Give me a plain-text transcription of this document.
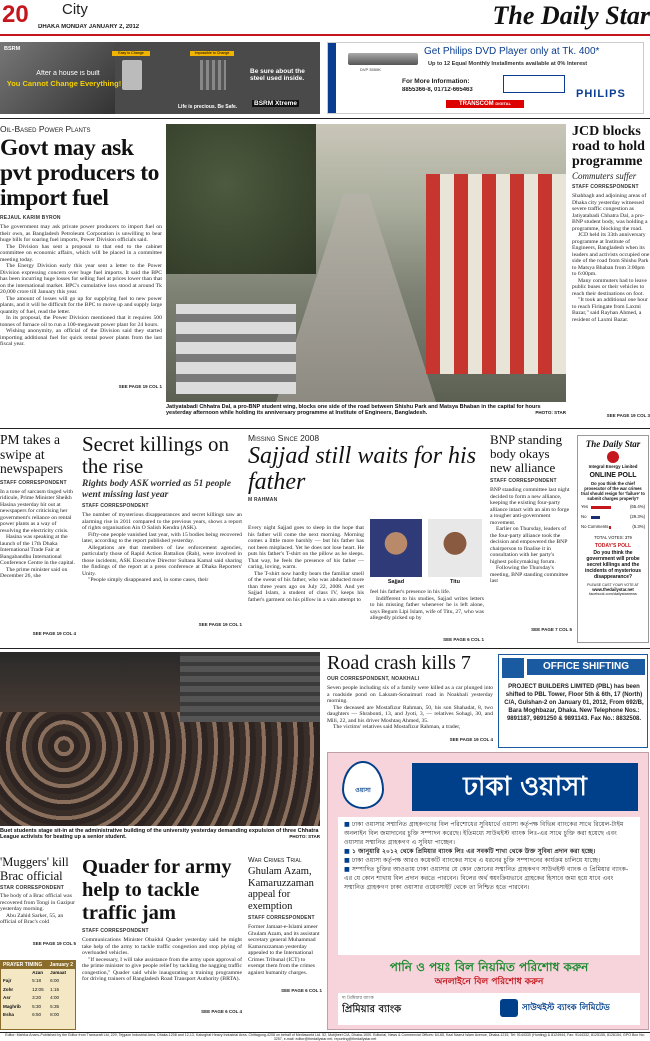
20 City
DHAKA MONDAY JANUARY 2, 2012	The Daily Star
BSRM
Easy to Change	Impossible to Change
After a house is built
You Cannot Change Everything!
Be sure about the steel used inside.
Life is precious. Be Safe.	BSRM Xtreme
Get Philips DVD Player only at Tk. 400*
Up to 12 Equal Monthly Installments available at 0% Interest
DVP 3550K
For More Information:
8855366-8, 01712-665463	PHILIPS
TRANSCOM DIGITAL
Oil-Based Power Plants
Govt may ask pvt producers to import fuel
REJAUL KARIM BYRON

The government may ask private power producers to import fuel on their own, as Bangladesh Petroleum Corporation is unwilling to bear huge bills for soaring fuel imports, Power Division officials said.

The Division has sent a proposal to that end to the cabinet committee on economic affairs, which will be placed in a committee meeting today.

The Energy Division early this year sent a letter to the Power Division expressing concern over huge fuel imports. It said the BPC has been incurring huge losses for selling fuel at prices lower than that on the international market. BPC's cumulative loss stood at around Tk 20,000 crore till January this year.

The amount of losses will go up for supplying fuel to new power plants, and it will be difficult for the BPC to move up and supply large quantity of fuel, read the letter.

In its proposal, the Power Division mentioned that it requires 500 tonnes of furnace oil to run a 100-megawatt power plant for 24 hours.

Wishing anonymity, an official of the Division said they started importing additional fuel for quick rental power plants from the last fiscal year.

SEE PAGE 19 COL 1
Jatiyatabadi Chhatra Dal, a pro-BNP student wing, blocks one side of the road between Shishu Park and Matsya Bhaban in the capital for hours yesterday afternoon while holding its anniversary programme at Institute of Engineers, Bangladesh.	PHOTO: STAR
JCD blocks road to hold programme
Commuters suffer
STAFF CORRESPONDENT

Shahbagh and adjoining areas of Dhaka city yesterday witnessed severe traffic congestion as Jatiyatabadi Chhatra Dal, a pro-BNP student body, was holding a programme, blocking the road.

JCD held its 33th anniversary programme at Institute of Engineers, Bangladesh when its leaders and activists occupied one side of the road from Shishu Park to Matsya Bhaban from 3:00pm to 6:00pm.

Many commuters had to leave public buses or their vehicles to reach their destinations on foot.

"It took an additional one hour to reach Firingate from Laxmi Bazar," said Rayhan Ahmed, a resident of Laxmi Bazar.

SEE PAGE 19 COL 3
PM takes a swipe at newspapers
STAFF CORRESPONDENT

In a tone of sarcasm tinged with ridicule, Prime Minister Sheikh Hasina yesterday hit out at newspapers for criticising her government's reliance on rental power plants as a way of resolving the electricity crisis.

Hasina was speaking at the launch of the 17th Dhaka International Trade Fair at Bangabandhu International Conference Centre in the capital.

The prime minister said on December 26, she

SEE PAGE 19 COL 4
Secret killings on the rise
Rights body ASK worried as 51 people went missing last year
STAFF CORRESPONDENT

The number of mysterious disappearances and secret killings saw an alarming rise in 2011 compared to the previous years, shows a report of rights organisation Ain O Salish Kendra (ASK).

Fifty-one people vanished last year, with 15 bodies being recovered later, according to the report published yesterday.

Allegations are that members of law enforcement agencies, particularly those of Rapid Action Battalion (Rab), were involved in those incidents, ASK Executive Director Sultana Kamal said sharing the findings of the report at a press conference at Dhaka Reporters' Unity.

"People simply disappeared and, in some cases, their

SEE PAGE 19 COL 1
Missing Since 2008
Sajjad still waits for his father
M RAHMAN

Every night Sajjad goes to sleep in the hope that his father will come the next morning. Morning comes a little more harshly — but his father has not been misplaced. Yet he does not lose heart. He puts his father's T-shirt on the pillow as he sleeps. That way, he feels the presence of his father — caring, loving, warm.

The T-shirt now hardly bears the familiar smell of the sweat of his father, who was abducted more than three years ago on July 22, 2008. And yet Sajjad Islam, a student of class IV, keeps his father's garment on his pillow in a vain attempt to

Sajjad	Titu

feel his father's presence in his life.

Indifferent to his studies, Sajjad writes letters to his missing father whenever he is left alone, says Begum Lipi Islam, wife of Titu, 27, who was allegedly picked up by

SEE PAGE 6 COL 1
BNP standing body okays new alliance
STAFF CORRESPONDENT

BNP standing committee last night decided to form a new alliance, keeping the existing four-party alliance intact with an aim to forge a tougher anti-government movement.

Earlier on Thursday, leaders of the four-party alliance took the decision and empowered the BNP chairperson to finalise it in consultation with her party's highest policymaking forum.

Following the Thursday's meeting, BNP standing committee last

SEE PAGE 7 COL 5
The Daily Star
Integral Energy Limited
ONLINE POLL
Do you think the chief prosecutor of the war crimes trial should resign for 'failure' to submit charges properly?
Yes	(65.4%)
No	(29.3%)
No Comments	(5.3%)
TOTAL VOTES: 379
TODAY'S POLL
Do you think the government will probe secret killings and the incidents of mysterious disappearance?
PLEASE CAST YOUR VOTE AT
www.thedailystar.net
facebook.com/dailystarnews
Buet students stage sit-in at the administrative building of the university yesterday demanding expulsion of three Chhatra League activists for beating up a senior student.	PHOTO: STAR
Road crash kills 7
OUR CORRESPONDENT, NOAKHALI

Seven people including six of a family were killed as a car plunged into a roadside pond on Laksam-Sonaimuri road in Noakhali yesterday morning.

The deceased are Mostafizur Rahman, 50, his son Shahadat, 8, two daughters — Shrabonti, 13, and Jyoti, 3, — relatives Sohagi, 30, and Mili, 22, and his driver Moshtaq Ahmed, 35.

The victims' relatives said Mostafizur Rahman, a trader,

SEE PAGE 19 COL 4
OFFICE SHIFTING
PROJECT BUILDERS LIMITED (PBL) has been shifted to PBL Tower, Floor 5th & 6th, 17 (North) C/A, Gulshan-2 on January 01, 2012, From 692/B, Bara Moghbazar, Dhaka. New Telephone Nos.: 9891187, 9891250 & 9891143. Fax No.: 8832508.
ওয়াসা	ঢাকা ওয়াসা

■ ঢাকা ওয়াসার সম্মানিত গ্রাহকগণের বিল পরিশোধের সুবিধার্থে ওয়াসা কর্তৃপক্ষ বিভিন্ন ব্যাংকের সাথে রিয়েল-টাইম অনলাইন বিল জমাদানের চুক্তি সম্পাদন করেছে। ইতিমধ্যে সাউথইস্ট ব্যাংক লিঃ-এর সাথে চুক্তি করা হয়েছে এবং ওয়াসার সম্মানিত গ্রাহকগণ এ সুবিধা পাচ্ছেন।

■ ১ জানুয়ারি ২০১২ থেকে প্রিমিয়ার ব্যাংক লিঃ এর সবকটি শাখা থেকে উক্ত সুবিধা প্রদান করা হচ্ছে।

■ ঢাকা ওয়াসা কর্তৃপক্ষ আরও কয়েকটি ব্যাংকের সাথে এ ধরনের চুক্তি সম্পাদনের কার্যক্রম চালিয়ে যাচ্ছে।

■ সম্পাদিত চুক্তির আওতায় ঢাকা ওয়াসার যে কোন জোনের সম্মানিত গ্রাহকগণ সাউথইস্ট ব্যাংক ও প্রিমিয়ার ব্যাংক-এর যে কোন শাখায় বিল প্রদান করতে পারবেন। বিলের অর্থ স্বয়ংক্রিয়ভাবে গ্রাহকের হিসাবে জমা হয়ে যাবে এবং সম্মানিত গ্রাহকগণ ঢাকা ওয়াসার ওয়েবসাইট থেকে তা নিশ্চিত হতে পারবেন।

পানি ও পয়ঃ বিল নিয়মিত পরিশোধ করুন
অনলাইনে বিল পরিশোধ করুন
দ্য প্রিমিয়ার ব্যাংক
প্রিমিয়ার ব্যাংক	সাউথইস্ট ব্যাংক লিমিটেড
'Muggers' kill Brac official
STAR CORRESPONDENT

The body of a Brac official was recovered from Tongi in Gazipur yesterday morning.

Abu Zahid Sarker, 55, an official of Brac's cold

SEE PAGE 19 COL 5
PRAYER TIMING January 2
	Azan	Jamaat
Fajr	5:18	6:00
Zohr	12:05	1:15
Asr	3:20	4:00
Maghrib	5:30	5:35
Esha	6:50	8:00
Quader for army help to tackle traffic jam
STAFF CORRESPONDENT

Communications Minister Obaidul Quader yesterday said he might take help of the army to tackle traffic congestion and stop plying of overloaded vehicles.

"If necessary, I will take assistance from the army upon approval of the prime minister to give people relief by tackling the nagging traffic congestion," Quader said while inaugurating a training programme for driving trainers of Bangladesh Road Transport Authority (BRTA).

SEE PAGE 6 COL 4
War Crimes Trial
Ghulam Azam, Kamaruzzaman appeal for exemption
STAFF CORRESPONDENT

Former Jamaat-e-Islami ameer Ghulam Azam, and its assistant secretary general Muhammad Kamaruzzaman yesterday appealed to the International Crimes Tribunal (ICT) to exempt them from the crimes against humanity charges.

SEE PAGE 6 COL 1
Editor: Mahfuz Anam–Published by the Editor from Transcraft Ltd, 229, Tejgaon Industrial Area, Dhaka-1208 and 12-13, Kalurghat Heavy Industrial Area, Chittagong-4208 on behalf of Mediaworld Ltd. 52, Motijheel C/A, Dhaka-1000. Editorial, News & Commercial Offices: 64-65, Kazi Nazrul Islam Avenue, Dhaka-1215, Tel: 9144330 (Hunting) & 8124944, Fax: 9144332, 8125155, 8126154, GPO Box No: 3257, e-mail: editor@thedailystar.net, reporting@thedailystar.net
